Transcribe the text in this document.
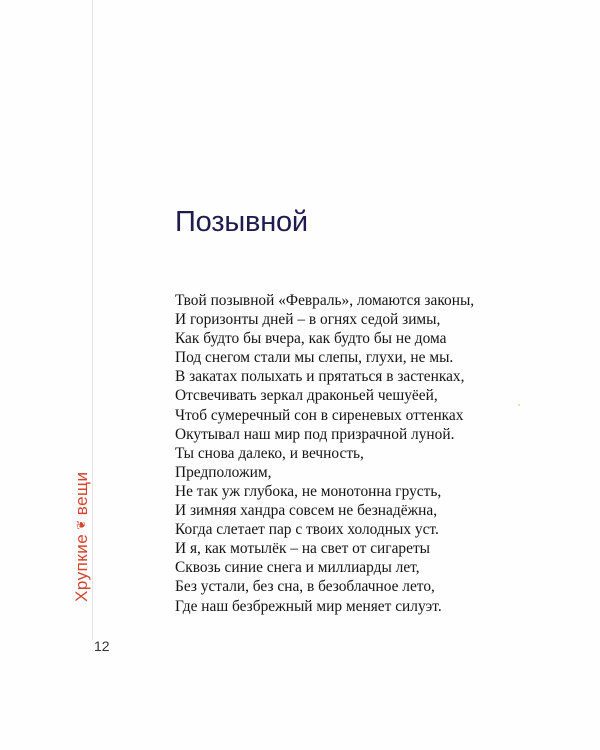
Позывной
Твой позывной «Февраль», ломаются законы,
И горизонты дней – в огнях седой зимы,
Как будто бы вчера, как будто бы не дома
Под снегом стали мы слепы, глухи, не мы.
В закатах полыхать и прятаться в застенках,
Отсвечивать зеркал драконьей чешуёей,
Чтоб сумеречный сон в сиреневых оттенках
Окутывал наш мир под призрачной луной.
Ты снова далеко, и вечность,
Предположим,
Не так уж глубока, не монотонна грусть,
И зимняя хандра совсем не безнадёжна,
Когда слетает пар с твоих холодных уст.
И я, как мотылёк – на свет от сигареты
Сквозь синие снега и миллиарды лет,
Без устали, без сна, в безоблачное лето,
Где наш безбрежный мир меняет силуэт.
Хрупкие❦вещи
12
